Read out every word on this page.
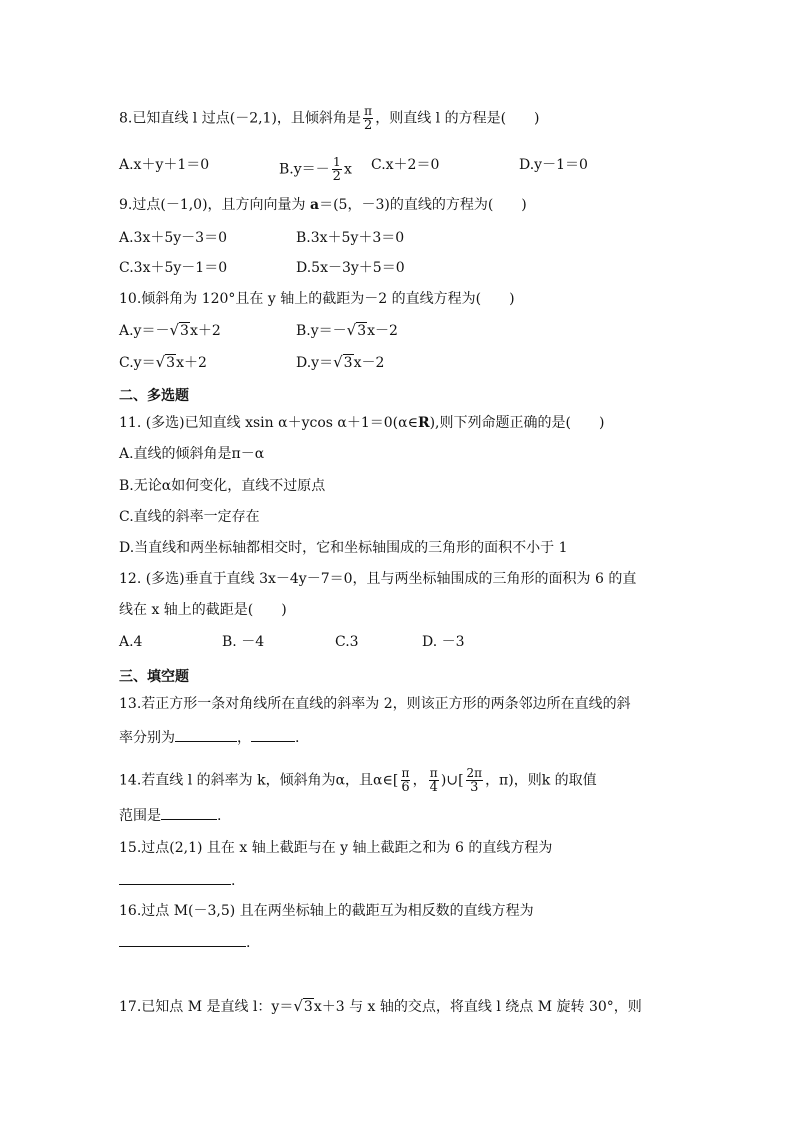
8.已知直线 l 过点(－2,1)，且倾斜角是 $\frac{\pi}{2}$ ，则直线 l 的方程是(　　)
A.x＋y＋1＝0	$B.y=- \frac{1}{2}$ x C.x＋2＝0	D.y－1＝0
9.过点(－1,0)，且方向向量为 a＝(5，－3)的直线的方程为(　　)
A.3x＋5y－3＝0	B.3x＋5y＋3＝0
C.3x＋5y－1＝0	D.5x－3y＋5＝0
10.倾斜角为 120°且在 y 轴上的截距为－2 的直线方程为(　　)
A.y＝－√3x＋2	B.y＝－√3x－2
C.y＝√3x＋2	D.y＝√3x－2
二、多选题
11. (多选)已知直线 xsin α＋ycos α＋1＝0(α∈R),则下列命题正确的是(　　)
A.直线的倾斜角是π－α
B.无论α如何变化，直线不过原点
C.直线的斜率一定存在
D.当直线和两坐标轴都相交时，它和坐标轴围成的三角形的面积不小于 1
12. (多选)垂直于直线 3x－4y－7＝0，且与两坐标轴围成的三角形的面积为 6 的直
线在 x 轴上的截距是(　　)
A.4	B. －4	C.3	D. －3
三、填空题
13.若正方形一条对角线所在直线的斜率为 2，则该正方形的两条邻边所在直线的斜
率分别为	，	.
14.若直线 l 的斜率为 k，倾斜角为α，且α∈[ $\frac{\pi}{6}$ ， $\frac{\pi}{4}$ )∪[ $\frac{2\pi}{3}$ ，π)，则k 的取值
范围是	.
15.过点(2,1) 且在 x 轴上截距与在 y 轴上截距之和为 6 的直线方程为
.
16.过点 M(－3,5) 且在两坐标轴上的截距互为相反数的直线方程为
.
17.已知点 M 是直线 l：y＝√3x＋3 与 x 轴的交点，将直线 l 绕点 M 旋转 30°，则
